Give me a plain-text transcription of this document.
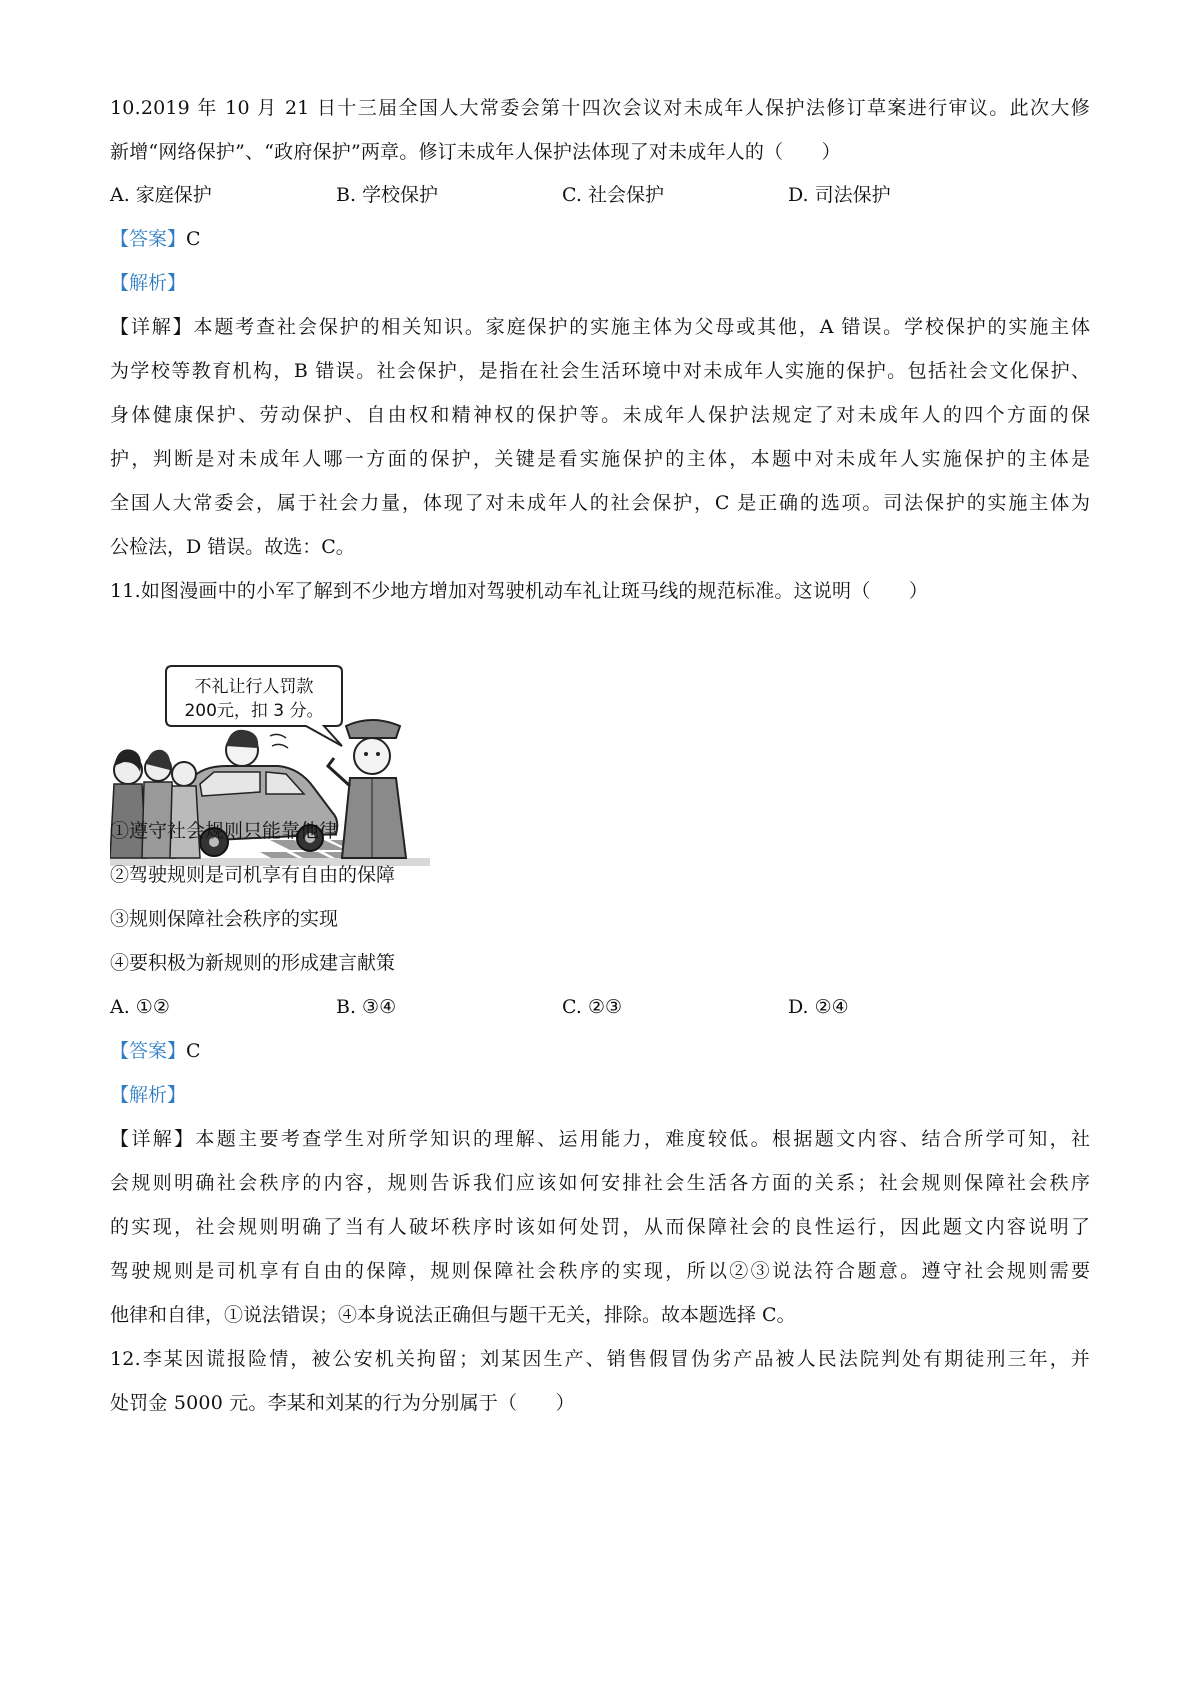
10.2019 年 10 月 21 日十三届全国人大常委会第十四次会议对未成年人保护法修订草案进行审议。此次大修
新增“网络保护”、“政府保护”两章。修订未成年人保护法体现了对未成年人的（　　）
A. 家庭保护	B. 学校保护	C. 社会保护	D. 司法保护
【答案】C
【解析】
【详解】本题考查社会保护的相关知识。家庭保护的实施主体为父母或其他，A 错误。学校保护的实施主体
为学校等教育机构，B 错误。社会保护，是指在社会生活环境中对未成年人实施的保护。包括社会文化保护、
身体健康保护、劳动保护、自由权和精神权的保护等。未成年人保护法规定了对未成年人的四个方面的保
护，判断是对未成年人哪一方面的保护，关键是看实施保护的主体，本题中对未成年人实施保护的主体是
全国人大常委会，属于社会力量，体现了对未成年人的社会保护，C 是正确的选项。司法保护的实施主体为
公检法，D 错误。故选：C。
11.如图漫画中的小军了解到不少地方增加对驾驶机动车礼让斑马线的规范标准。这说明（　　）
不礼让行人罚款
200元，扣 3 分。
①遵守社会规则只能靠他律
②驾驶规则是司机享有自由的保障
③规则保障社会秩序的实现
④要积极为新规则的形成建言献策
A. ①②	B. ③④	C. ②③	D. ②④
【答案】C
【解析】
【详解】本题主要考查学生对所学知识的理解、运用能力，难度较低。根据题文内容、结合所学可知，社
会规则明确社会秩序的内容，规则告诉我们应该如何安排社会生活各方面的关系；社会规则保障社会秩序
的实现，社会规则明确了当有人破坏秩序时该如何处罚，从而保障社会的良性运行，因此题文内容说明了
驾驶规则是司机享有自由的保障，规则保障社会秩序的实现，所以②③说法符合题意。遵守社会规则需要
他律和自律，①说法错误；④本身说法正确但与题干无关，排除。故本题选择 C。
12.李某因谎报险情，被公安机关拘留；刘某因生产、销售假冒伪劣产品被人民法院判处有期徒刑三年，并
处罚金 5000 元。李某和刘某的行为分别属于（　　）
